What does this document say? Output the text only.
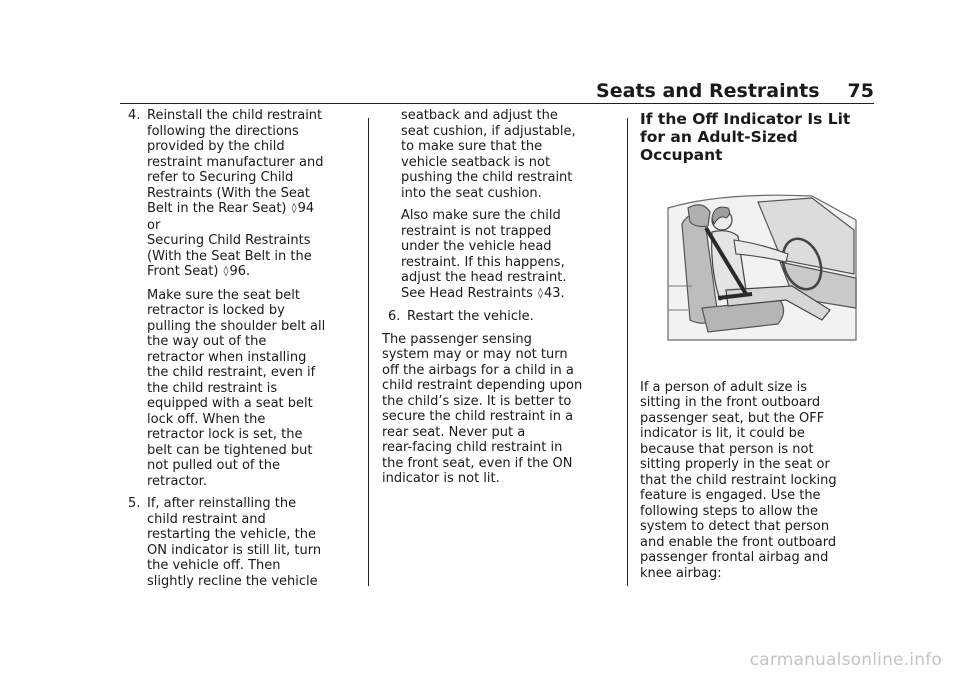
Seats and Restraints 75
4. Reinstall the child restraint

following the directions

provided by the child

restraint manufacturer and

refer to Securing Child

Restraints (With the Seat

Belt in the Rear Seat) ◊94

or

Securing Child Restraints

(With the Seat Belt in the

Front Seat) ◊96.

Make sure the seat belt

retractor is locked by

pulling the shoulder belt all

the way out of the

retractor when installing

the child restraint, even if

the child restraint is

equipped with a seat belt

lock off. When the

retractor lock is set, the

belt can be tightened but

not pulled out of the

retractor.

5. If, after reinstalling the

child restraint and

restarting the vehicle, the

ON indicator is still lit, turn

the vehicle off. Then

slightly recline the vehicle

seatback and adjust the

seat cushion, if adjustable,

to make sure that the

vehicle seatback is not

pushing the child restraint

into the seat cushion.

Also make sure the child

restraint is not trapped

under the vehicle head

restraint. If this happens,

adjust the head restraint.

See Head Restraints ◊43.

6. Restart the vehicle.

The passenger sensing

system may or may not turn

off the airbags for a child in a

child restraint depending upon

the child’s size. It is better to

secure the child restraint in a

rear seat. Never put a

rear-facing child restraint in

the front seat, even if the ON

indicator is not lit.

If the Off Indicator Is Lit

for an Adult-Sized

Occupant

If a person of adult size is

sitting in the front outboard

passenger seat, but the OFF

indicator is lit, it could be

because that person is not

sitting properly in the seat or

that the child restraint locking

feature is engaged. Use the

following steps to allow the

system to detect that person

and enable the front outboard

passenger frontal airbag and

knee airbag:

carmanualsonline.info
